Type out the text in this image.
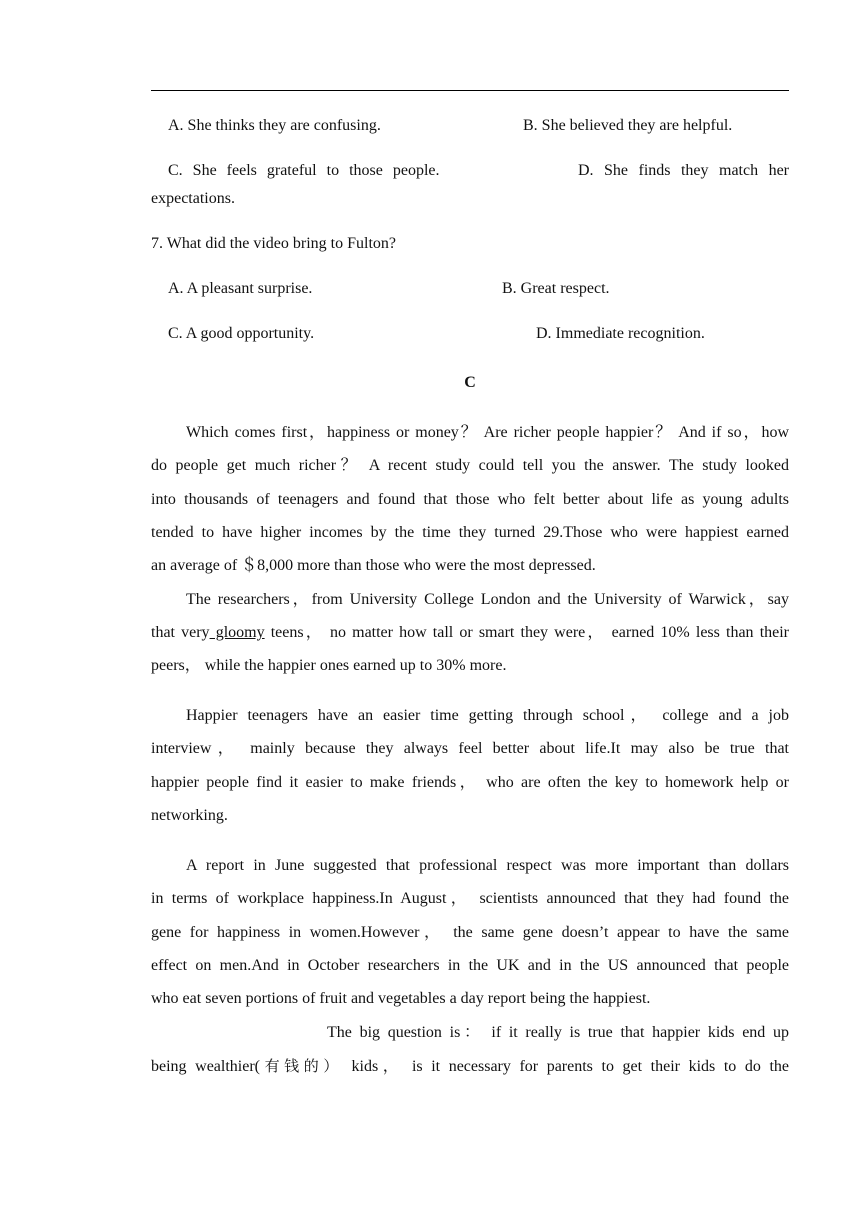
A. She thinks they are confusing.	B. She believed they are helpful.
C. She feels grateful to those people.	D. She finds they match her
expectations.
7. What did the video bring to Fulton?
A. A pleasant surprise.	B. Great respect.
C. A good opportunity.	D. Immediate recognition.
C
Which comes first，happiness or money？ Are richer people happier？ And if so，how
do people get much richer？ A recent study could tell you the answer. The study looked
into thousands of teenagers and found that those who felt better about life as young adults
tended to have higher incomes by the time they turned 29.Those who were happiest earned
an average of ＄8,000 more than those who were the most depressed.
The researchers，from University College London and the University of Warwick，say
that very gloomy teens， no matter how tall or smart they were， earned 10% less than their
peers， while the happier ones earned up to 30% more.
Happier teenagers have an easier time getting through school， college and a job
interview， mainly because they always feel better about life.It may also be true that
happier people find it easier to make friends， who are often the key to homework help or
networking.
A report in June suggested that professional respect was more important than dollars
in terms of workplace happiness.In August， scientists announced that they had found the
gene for happiness in women.However， the same gene doesn’t appear to have the same
effect on men.And in October researchers in the UK and in the US announced that people
who eat seven portions of fruit and vegetables a day report being the happiest.
The big question is： if it really is true that happier kids end up
being wealthier(有钱的） kids， is it necessary for parents to get their kids to do the
